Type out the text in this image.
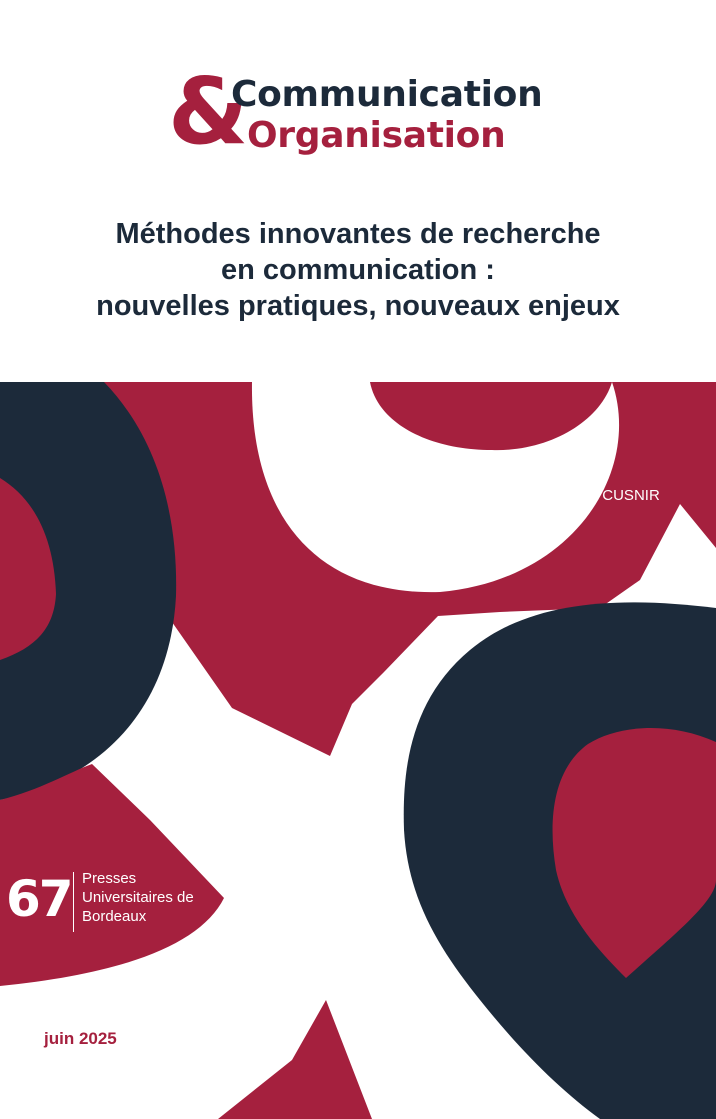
&
Communication
Organisation
Méthodes innovantes de recherche
en communication :
nouvelles pratiques, nouveaux enjeux
Dossier coordonné par
Nayra VACAFLOR, Raphaëlle BATS et Camelia CUSNIR
67 Presses
Universitaires de
Bordeaux
juin 2025
